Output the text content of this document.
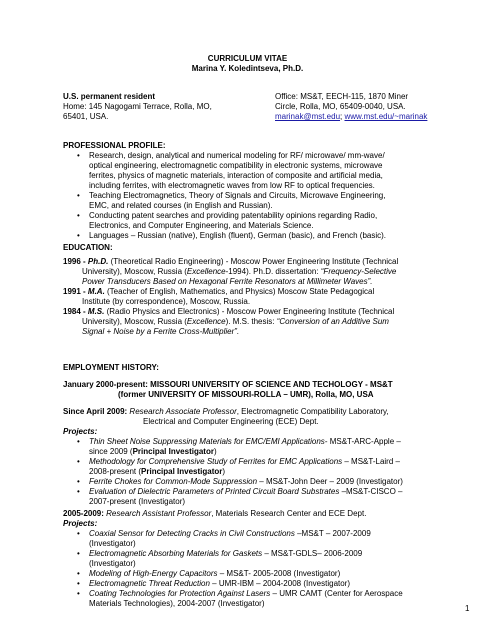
CURRICULUM VITAE
Marina Y. Koledintseva, Ph.D.
U.S. permanent resident
Home: 145 Nagogami Terrace, Rolla, MO,
65401, USA.
Office: MS&T, EECH-115, 1870 Miner
Circle, Rolla, MO, 65409-0040, USA.
marinak@mst.edu; www.mst.edu/~marinak
PROFESSIONAL PROFILE:
• Research, design, analytical and numerical modeling for RF/ microwave/ mm-wave/
optical engineering, electromagnetic compatibility in electronic systems, microwave
ferrites, physics of magnetic materials, interaction of composite and artificial media,
including ferrites, with electromagnetic waves from low RF to optical frequencies.
• Teaching Electromagnetics, Theory of Signals and Circuits, Microwave Engineering,
EMC, and related courses (in English and Russian).
• Conducting patent searches and providing patentability opinions regarding Radio,
Electronics, and Computer Engineering, and Materials Science.
• Languages – Russian (native), English (fluent), German (basic), and French (basic).
EDUCATION:
1996 - Ph.D. (Theoretical Radio Engineering) - Moscow Power Engineering Institute (Technical
University), Moscow, Russia (Excellence-1994). Ph.D. dissertation: “Frequency-Selective
Power Transducers Based on Hexagonal Ferrite Resonators at Millimeter Waves”.
1991 - M.A. (Teacher of English, Mathematics, and Physics) Moscow State Pedagogical
Institute (by correspondence), Moscow, Russia.
1984 - M.S. (Radio Physics and Electronics) - Moscow Power Engineering Institute (Technical
University), Moscow, Russia (Excellence). M.S. thesis: “Conversion of an Additive Sum
Signal + Noise by a Ferrite Cross-Multiplier”.
EMPLOYMENT HISTORY:
January 2000-present: MISSOURI UNIVERSITY OF SCIENCE AND TECHOLOGY - MS&T
(former UNIVERSITY OF MISSOURI-ROLLA – UMR), Rolla, MO, USA
Since April 2009: Research Associate Professor, Electromagnetic Compatibility Laboratory,
Electrical and Computer Engineering (ECE) Dept.
Projects:
• Thin Sheet Noise Suppressing Materials for EMC/EMI Applications- MS&T-ARC-Apple –
since 2009 (Principal Investigator)
• Methodology for Comprehensive Study of Ferrites for EMC Applications – MS&T-Laird –
2008-present (Principal Investigator)
• Ferrite Chokes for Common-Mode Suppression – MS&T-John Deer – 2009 (Investigator)
• Evaluation of Dielectric Parameters of Printed Circuit Board Substrates –MS&T-CISCO –
2007-present (Investigator)
2005-2009: Research Assistant Professor, Materials Research Center and ECE Dept.
Projects:
• Coaxial Sensor for Detecting Cracks in Civil Constructions –MS&T – 2007-2009
(Investigator)
• Electromagnetic Absorbing Materials for Gaskets – MS&T-GDLS– 2006-2009
(Investigator)
• Modeling of High-Energy Capacitors – MS&T- 2005-2008 (Investigator)
• Electromagnetic Threat Reduction – UMR-IBM – 2004-2008 (Investigator)
• Coating Technologies for Protection Against Lasers – UMR CAMT (Center for Aerospace
Materials Technologies), 2004-2007 (Investigator)
1
